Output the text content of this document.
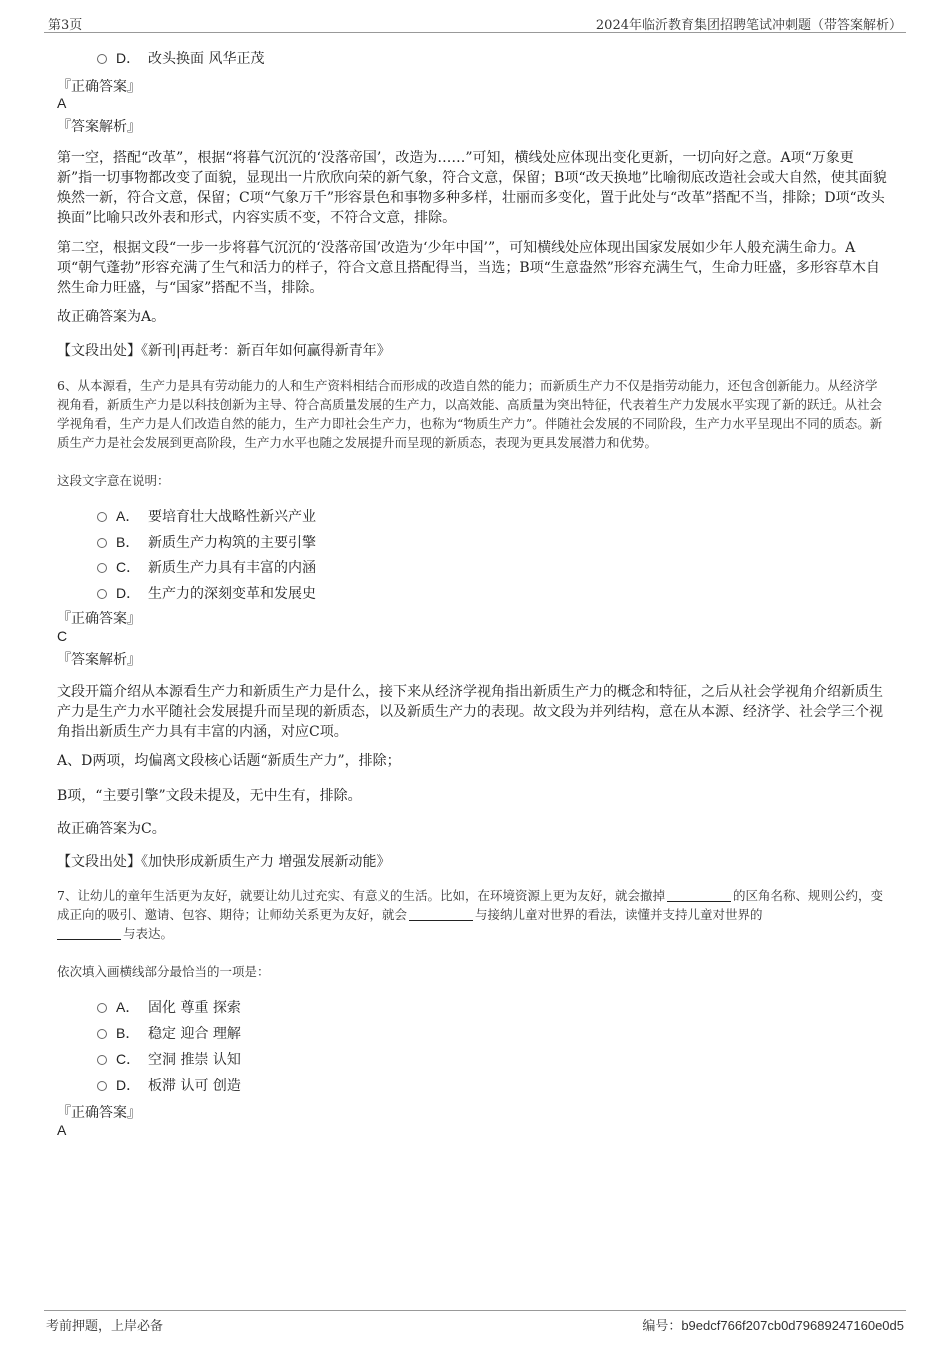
第3页	2024年临沂教育集团招聘笔试冲刺题（带答案解析）
D． 改头换面 风华正茂
『正确答案』
A
『答案解析』
第一空，搭配“改革”，根据“将暮气沉沉的‘没落帝国’，改造为……”可知，横线处应体现出变化更新，一切向好之意。A项“万象更新”指一切事物都改变了面貌，显现出一片欣欣向荣的新气象，符合文意，保留；B项“改天换地”比喻彻底改造社会或大自然，使其面貌焕然一新，符合文意，保留；C项“气象万千”形容景色和事物多种多样，壮丽而多变化，置于此处与“改革”搭配不当，排除；D项“改头换面”比喻只改外表和形式，内容实质不变，不符合文意，排除。
第二空，根据文段“一步一步将暮气沉沉的‘没落帝国’改造为‘少年中国’”，可知横线处应体现出国家发展如少年人般充满生命力。A项“朝气蓬勃”形容充满了生气和活力的样子，符合文意且搭配得当，当选；B项“生意盎然”形容充满生气，生命力旺盛，多形容草木自然生命力旺盛，与“国家”搭配不当，排除。
故正确答案为A。
【文段出处】《新刊|再赶考：新百年如何赢得新青年》
6、从本源看，生产力是具有劳动能力的人和生产资料相结合而形成的改造自然的能力；而新质生产力不仅是指劳动能力，还包含创新能力。从经济学视角看，新质生产力是以科技创新为主导、符合高质量发展的生产力，以高效能、高质量为突出特征，代表着生产力发展水平实现了新的跃迁。从社会学视角看，生产力是人们改造自然的能力，生产力即社会生产力，也称为“物质生产力”。伴随社会发展的不同阶段，生产力水平呈现出不同的质态。新质生产力是社会发展到更高阶段，生产力水平也随之发展提升而呈现的新质态，表现为更具发展潜力和优势。
这段文字意在说明：
A． 要培育壮大战略性新兴产业
B． 新质生产力构筑的主要引擎
C． 新质生产力具有丰富的内涵
D． 生产力的深刻变革和发展史
『正确答案』
C
『答案解析』
文段开篇介绍从本源看生产力和新质生产力是什么，接下来从经济学视角指出新质生产力的概念和特征，之后从社会学视角介绍新质生产力是生产力水平随社会发展提升而呈现的新质态，以及新质生产力的表现。故文段为并列结构，意在从本源、经济学、社会学三个视角指出新质生产力具有丰富的内涵，对应C项。
A、D两项，均偏离文段核心话题“新质生产力”，排除；
B项，“主要引擎”文段未提及，无中生有，排除。
故正确答案为C。
【文段出处】《加快形成新质生产力 增强发展新动能》
7、让幼儿的童年生活更为友好，就要让幼儿过充实、有意义的生活。比如，在环境资源上更为友好，就会撤掉	的区角名称、规则公约，变成正向的吸引、邀请、包容、期待；让师幼关系更为友好，就会	与接纳儿童对世界的看法，读懂并支持儿童对世界的
与表达。
依次填入画横线部分最恰当的一项是：
A． 固化 尊重 探索
B． 稳定 迎合 理解
C． 空洞 推崇 认知
D． 板滞 认可 创造
『正确答案』
A
考前押题，上岸必备	编号：b9edcf766f207cb0d79689247160e0d5
